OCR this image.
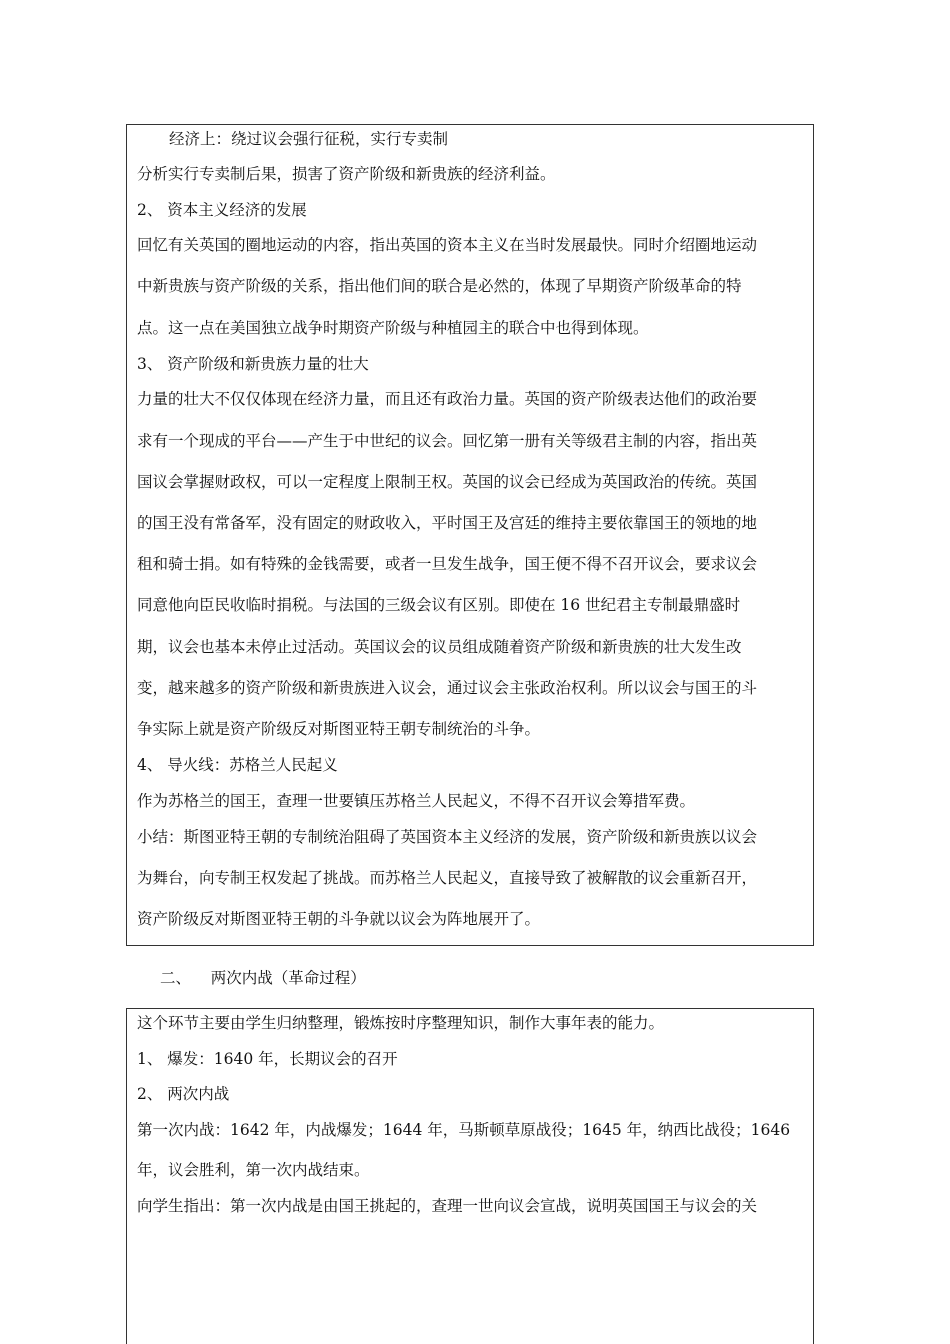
经济上：绕过议会强行征税，实行专卖制
分析实行专卖制后果，损害了资产阶级和新贵族的经济利益。
2、 资本主义经济的发展
回忆有关英国的圈地运动的内容，指出英国的资本主义在当时发展最快。同时介绍圈地运动
中新贵族与资产阶级的关系，指出他们间的联合是必然的，体现了早期资产阶级革命的特
点。这一点在美国独立战争时期资产阶级与种植园主的联合中也得到体现。
3、 资产阶级和新贵族力量的壮大
力量的壮大不仅仅体现在经济力量，而且还有政治力量。英国的资产阶级表达他们的政治要
求有一个现成的平台——产生于中世纪的议会。回忆第一册有关等级君主制的内容，指出英
国议会掌握财政权，可以一定程度上限制王权。英国的议会已经成为英国政治的传统。英国
的国王没有常备军，没有固定的财政收入，平时国王及宫廷的维持主要依靠国王的领地的地
租和骑士捐。如有特殊的金钱需要，或者一旦发生战争，国王便不得不召开议会，要求议会
同意他向臣民收临时捐税。与法国的三级会议有区别。即使在 16 世纪君主专制最鼎盛时
期，议会也基本未停止过活动。英国议会的议员组成随着资产阶级和新贵族的壮大发生改
变，越来越多的资产阶级和新贵族进入议会，通过议会主张政治权利。所以议会与国王的斗
争实际上就是资产阶级反对斯图亚特王朝专制统治的斗争。
4、 导火线：苏格兰人民起义
作为苏格兰的国王，查理一世要镇压苏格兰人民起义，不得不召开议会筹措军费。
小结：斯图亚特王朝的专制统治阻碍了英国资本主义经济的发展，资产阶级和新贵族以议会
为舞台，向专制王权发起了挑战。而苏格兰人民起义，直接导致了被解散的议会重新召开，
资产阶级反对斯图亚特王朝的斗争就以议会为阵地展开了。
二、    两次内战（革命过程）
这个环节主要由学生归纳整理，锻炼按时序整理知识，制作大事年表的能力。
1、 爆发：1640 年，长期议会的召开
2、 两次内战
第一次内战：1642 年，内战爆发；1644 年，马斯顿草原战役；1645 年，纳西比战役；1646
年，议会胜利，第一次内战结束。
向学生指出：第一次内战是由国王挑起的，查理一世向议会宣战，说明英国国王与议会的关
